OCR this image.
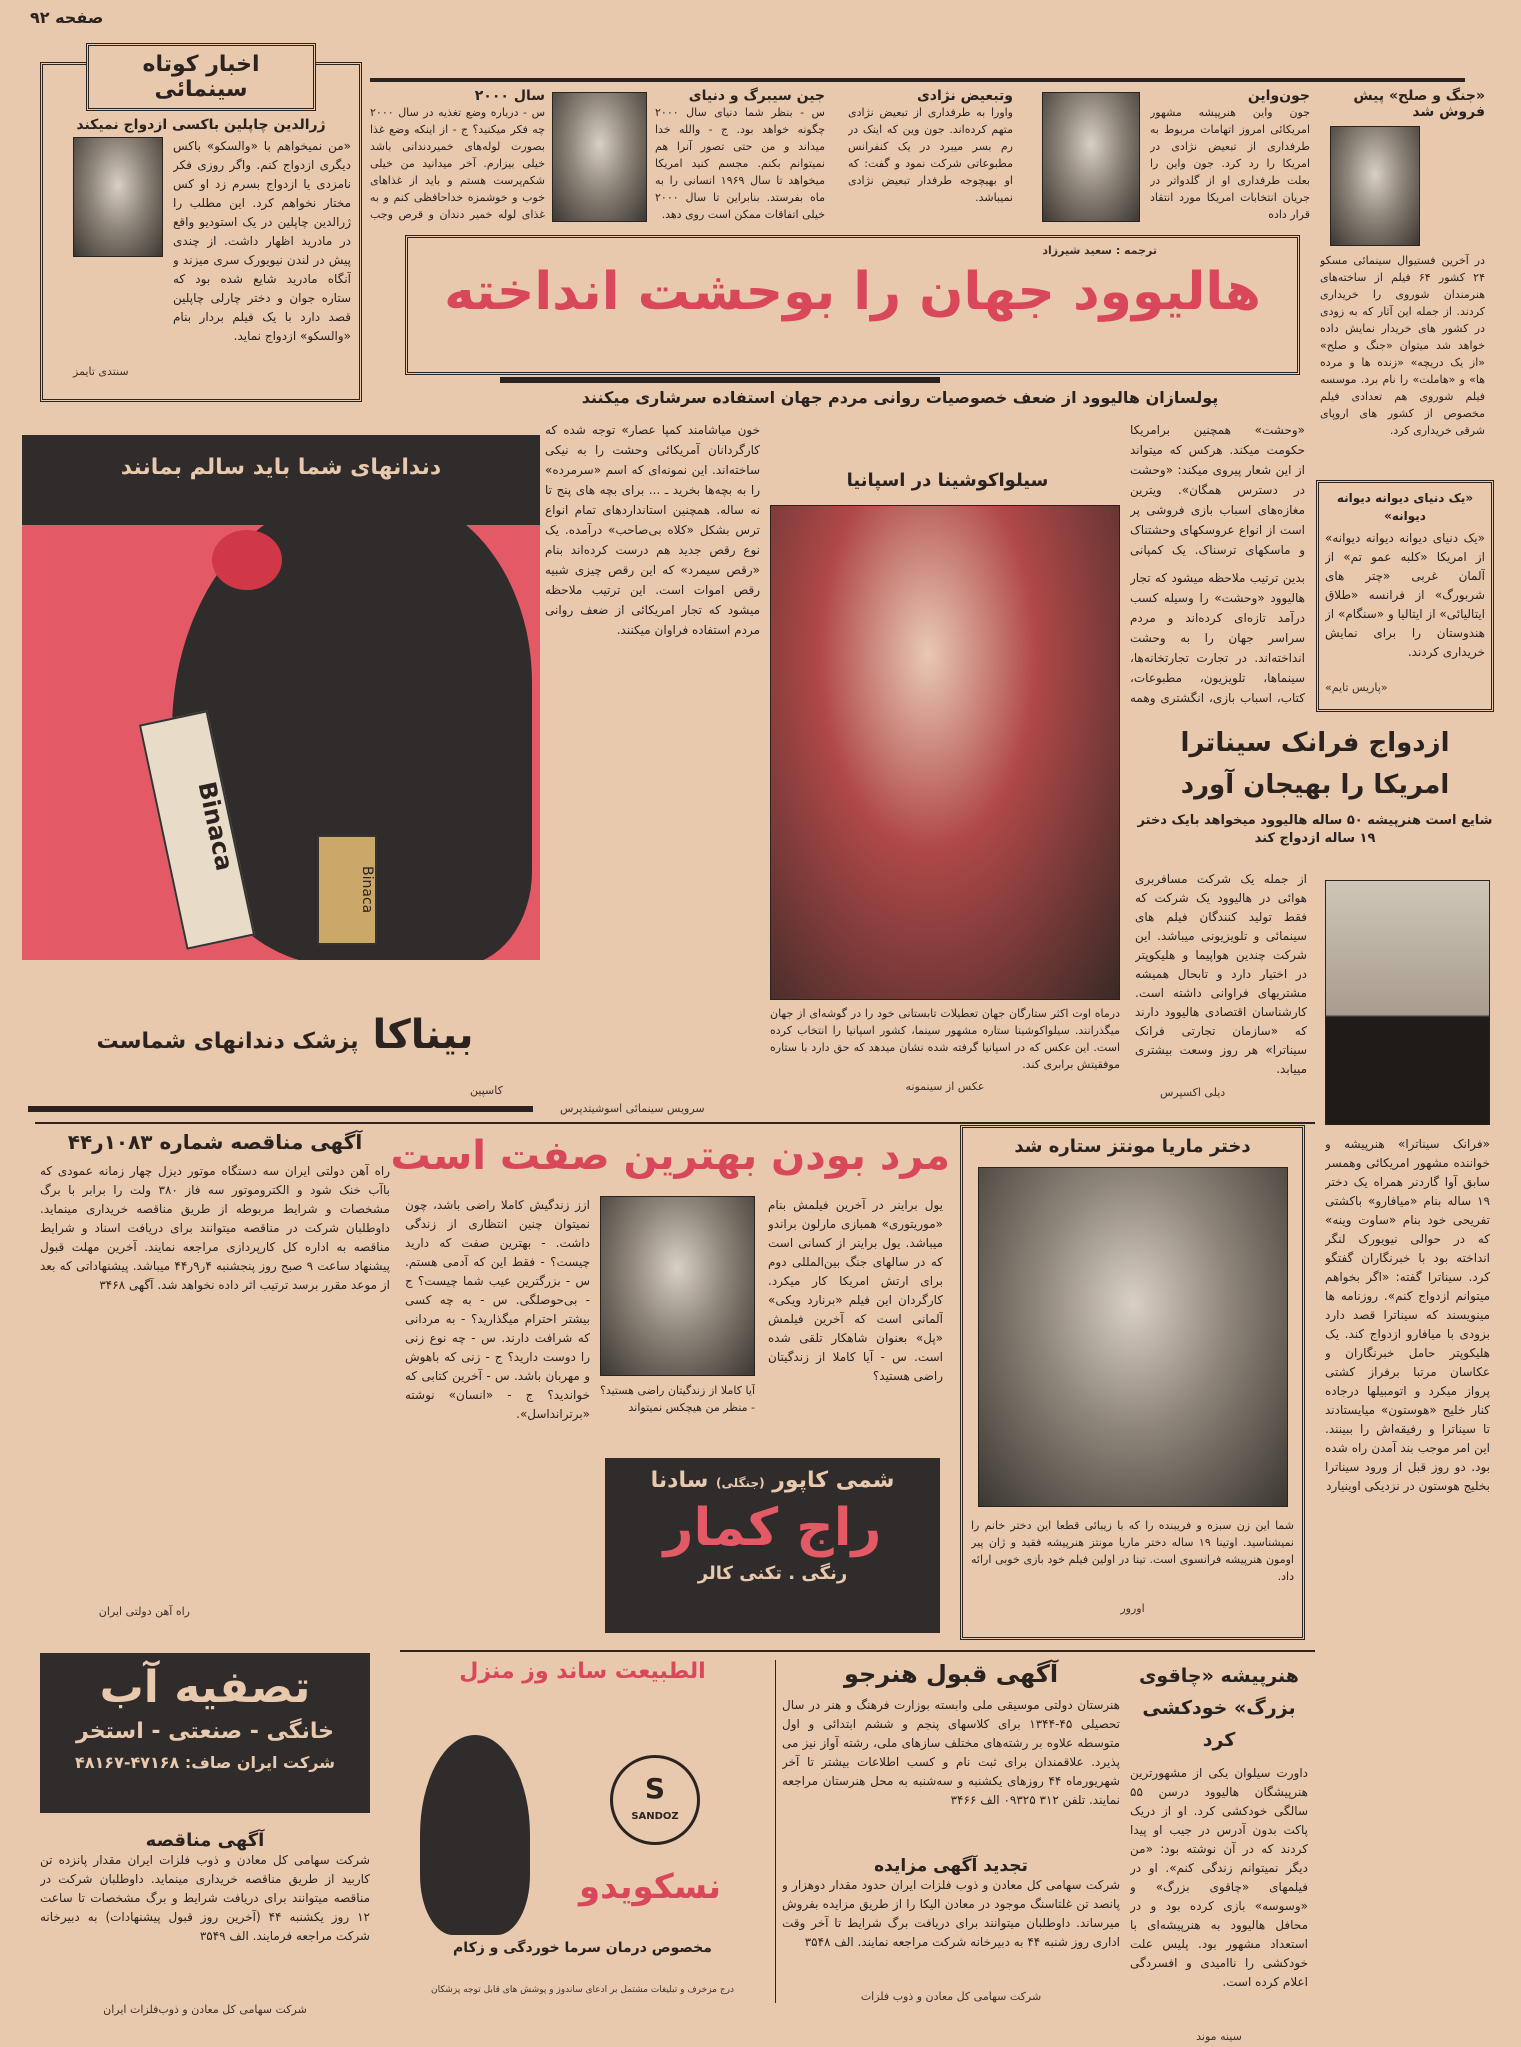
صفحه ۹۲
اخبار کوتاه سینمائی
ژرالدین چاپلین باکسی ازدواج نمیکند
«من نمیخواهم با «والسکو» باکس دیگری ازدواج کنم. واگر روزی فکر نامزدی یا ازدواج بسرم زد او کس مختار نخواهم کرد. این مطلب را ژرالدین چاپلین در یک استودیو واقع در مادرید اظهار داشت. از چندی پیش در لندن نیویورک سری میزند و آنگاه مادرید شایع شده بود که ستاره جوان و دختر چارلی چاپلین قصد دارد با یک فیلم بردار بنام «والسکو» ازدواج نماید.
سنتدی تایمز
سال ۲۰۰۰
س - درباره وضع تغذیه در سال ۲۰۰۰ چه فکر میکنید؟ ج - از اینکه وضع غذا بصورت لوله‌های خمیردندانی باشد خیلی بیزارم. آخر میدانید من خیلی شکم‌پرست هستم و باید از غذاهای خوب و خوشمزه خداحافظی کنم و به غذای لوله خمیر دندان و قرص وجب
جین سیبرگ و دنیای
س - بنظر شما دنیای سال ۲۰۰۰ چگونه خواهد بود. ج - والله خدا میداند و من حتی تصور آنرا هم نمیتوانم بکنم. مجسم کنید امریکا میخواهد تا سال ۱۹۶۹ انسانی را به ماه بفرستد. بنابراین تا سال ۲۰۰۰ خیلی اتفاقات ممکن است روی دهد.
وتبعیض نژادی
واورا به طرفداری از تبعیض نژادی متهم کرده‌اند. جون وین که اینک در رم بسر میبرد در یک کنفرانس مطبوعاتی شرکت نمود و گفت: که او بهیچوجه طرفدار تبعیض نژادی نمیباشد.
جون‌واین
جون واین هنرپیشه مشهور امریکائی امروز اتهامات مربوط به طرفداری از تبعیض نژادی در امریکا را رد کرد. جون واین را بعلت طرفداری او از گلدواتر در جریان انتخابات امریکا مورد انتقاد قرار داده
«جنگ و صلح» پیش فروش شد
در آخرین فستیوال سینمائی مسکو ۲۴ کشور ۶۴ فیلم از ساخته‌های هنرمندان شوروی را خریداری کردند. از جمله این آثار که به زودی در کشور های خریدار نمایش داده خواهد شد میتوان «جنگ و صلح» «از یک دریچه» «زنده ها و مرده ها» و «هاملت» را نام برد. موسسه فیلم شوروی هم تعدادی فیلم مخصوص از کشور های اروپای شرقی خریداری کرد.
ترجمه : سعید شیرزاد
هالیوود جهان را بوحشت انداخته
پولسازان هالیوود از ضعف خصوصیات روانی مردم جهان استفاده سرشاری میکنند
دندانهای شما باید سالم بمانند
Binaca
Binaca
بیناکا پزشک دندانهای شماست
کاسپین
خون میاشامند کمپا عصار» توجه شده که کارگردانان آمریکائی وحشت را به نیکی ساخته‌اند. این نمونه‌ای که اسم «سرمرده» را به بچه‌ها بخرید ـ ... برای بچه های پنج تا نه ساله. همچنین استانداردهای تمام انواع ترس بشکل «کلاه بی‌صاحب» درآمده. یک نوع رقص جدید هم درست کرده‌اند بنام «رقص سیمرد» که این رقص چیزی شبیه رقص اموات است. این ترتیب ملاحظه میشود که تجار امریکائی از ضعف روانی مردم استفاده فراوان میکنند.
سیلواکوشینا در اسپانیا
درماه اوت اکثر ستارگان جهان تعطیلات تابستانی خود را در گوشه‌ای از جهان میگذرانند. سیلواکوشینا ستاره مشهور سینما، کشور اسپانیا را انتخاب کرده است. این عکس که در اسپانیا گرفته شده نشان میدهد که حق دارد با ستاره موفقیتش برابری کند.
عکس از سینمونه
سرویس سینمائی اسوشیتدپرس
«وحشت» همچنین برامریکا حکومت میکند. هرکس که میتواند از این شعار پیروی میکند: «وحشت در دسترس همگان». ویترین مغازه‌های اسباب بازی فروشی پر است از انواع عروسکهای وحشتناک و ماسکهای ترسناک. یک کمپانی
بدین ترتیب ملاحظه میشود که تجار هالیوود «وحشت» را وسیله کسب درآمد تازه‌ای کرده‌اند و مردم سراسر جهان را به وحشت انداخته‌اند. در تجارت تجارتخانه‌ها، سینماها، تلویزیون، مطبوعات، کتاب، اسباب بازی، انگشتری وهمه
«یک دنیای دیوانه دیوانه دیوانه»
«یک دنیای دیوانه دیوانه دیوانه» از امریکا «کلبه عمو تم» از آلمان غربی «چتر های شربورگ» از فرانسه «طلاق ایتالیائی» از ایتالیا و «سنگام» از هندوستان را برای نمایش خریداری کردند.
«پاریس تایم»
ازدواج فرانک سیناترا
امریکا را بهیجان آورد
شایع است هنرپیشه ۵۰ ساله هالیوود میخواهد بایک دختر ۱۹ ساله ازدواج کند
از جمله یک شرکت مسافربری هوائی در هالیوود یک شرکت که فقط تولید کنندگان فیلم های سینمائی و تلویزیونی میباشد. این شرکت چندین هواپیما و هلیکوپتر در اختیار دارد و تابحال همیشه مشتریهای فراوانی داشته است. کارشناسان اقتصادی هالیوود دارند که «سازمان تجارتی فرانک سیناترا» هر روز وسعت بیشتری مییابد.
دیلی اکسپرس
«فرانک سیناترا» هنرپیشه و خواننده مشهور امریکائی وهمسر سابق آوا گاردنر همراه یک دختر ۱۹ ساله بنام «میافارو» باکشتی تفریحی خود بنام «ساوت وینه» که در حوالی نیویورک لنگر انداخته بود با خبرنگاران گفتگو کرد. سیناترا گفته: «اگر بخواهم میتوانم ازدواج کنم». روزنامه ها مینویسند که سیناترا قصد دارد بزودی با میافارو ازدواج کند. یک هلیکوپتر حامل خبرنگاران و عکاسان مرتبا برفراز کشتی پرواز میکرد و اتومبیلها درجاده کنار خلیج «هوستون» میایستادند تا سیناترا و رفیقه‌اش را ببینند. این امر موجب بند آمدن راه شده بود. دو روز قبل از ورود سیناترا بخلیج هوستون در نزدیکی اوینیارد
آگهی مناقصه شماره ۱۰۸۳ر۴۴
راه آهن دولتی ایران سه دستگاه موتور دیزل چهار زمانه عمودی که باآب خنک شود و الکتروموتور سه فاز ۳۸۰ ولت را برابر با برگ مشخصات و شرایط مربوطه از طریق مناقصه خریداری مینماید. داوطلبان شرکت در مناقصه میتوانند برای دریافت اسناد و شرایط مناقصه به اداره کل کارپردازی مراجعه نمایند. آخرین مهلت قبول پیشنهاد ساعت ۹ صبح روز پنجشنبه ۴ر۹ر۴۴ میباشد. پیشنهاداتی که بعد از موعد مقرر برسد ترتیب اثر داده نخواهد شد. آگهی ۳۴۶۸
راه آهن دولتی ایران
مرد بودن بهترین صفت است
ازز زندگیش کاملا راضی باشد، چون نمیتوان چنین انتظاری از زندگی داشت. - بهترین صفت که دارید چیست؟ - فقط این که آدمی هستم. س - بزرگترین عیب شما چیست؟ ج - بی‌حوصلگی. س - به چه کسی بیشتر احترام میگذارید؟ - به مردانی که شرافت دارند. س - چه نوع زنی را دوست دارید؟ ج - زنی که باهوش و مهربان باشد. س - آخرین کتابی که خواندید؟ ج - «انسان» نوشته «برترانداسل».
آیا کاملا از زندگیتان راضی هستید؟ - منظر من هیچکس نمیتواند
یول براینر در آخرین فیلمش بنام «موریتوری» همبازی مارلون براندو میباشد. یول براینر از کسانی است که در سالهای جنگ بین‌المللی دوم برای ارتش امریکا کار میکرد. کارگردان این فیلم «برنارد ویکی» آلمانی است که آخرین فیلمش «پل» بعنوان شاهکار تلقی شده است. س - آیا کاملا از زندگیتان راضی هستید؟
شمی کاپور (جنگلی) سادنا
راج کمار
رنگی . تکنی کالر
دختر ماریا مونتز ستاره شد
شما این زن سبزه و فریبنده را که با زیبائی قطعا این دختر خانم را نمیشناسید. اوتینا ۱۹ ساله دختر ماریا مونتز هنرپیشه فقید و ژان پیر اومون هنرپیشه فرانسوی است. تینا در اولین فیلم خود بازی خوبی ارائه داد.
اورور
تصفیه آب
خانگی - صنعتی - استخر
شرکت ایران صاف: ۴۷۱۶۸-۴۸۱۶۷
آگهی مناقصه
شرکت سهامی کل معادن و ذوب فلزات ایران مقدار پانزده تن کاربید از طریق مناقصه خریداری مینماید. داوطلبان شرکت در مناقصه میتوانند برای دریافت شرایط و برگ مشخصات تا ساعت ۱۲ روز یکشنبه ۴۴ (آخرین روز قبول پیشنهادات) به دبیرخانه شرکت مراجعه فرمایند. الف ۳۵۴۹
شرکت سهامی کل معادن و ذوب‌فلزات ایران
الطبیعت ساند وز منزل
S
SANDOZ
نسکویدو
مخصوص درمان سرما خوردگی و زکام
درج مزخرف و تبلیغات مشتمل بر ادعای ساندوز و پوشش های قابل توجه پزشکان
آگهی قبول هنرجو
هنرستان دولتی موسیقی ملی وابسته بوزارت فرهنگ و هنر در سال تحصیلی ۴۵-۱۳۴۴ برای کلاسهای پنجم و ششم ابتدائی و اول متوسطه علاوه بر رشته‌های مختلف سازهای ملی، رشته آواز نیز می پذیرد. علاقمندان برای ثبت نام و کسب اطلاعات بیشتر تا آخر شهریورماه ۴۴ روزهای یکشنبه و سه‌شنبه به محل هنرستان مراجعه نمایند. تلفن ۳۱۲ ۰۹۳۲۵ الف ۳۴۶۶
تجدید آگهی مزایده
شرکت سهامی کل معادن و ذوب فلزات ایران حدود مقدار دوهزار و پانصد تن غلتاسنگ موجود در معادن الیکا را از طریق مزایده بفروش میرساند. داوطلبان میتوانند برای دریافت برگ شرایط تا آخر وقت اداری روز شنبه ۴۴ به دبیرخانه شرکت مراجعه نمایند. الف ۳۵۴۸
شرکت سهامی کل معادن و ذوب فلزات
هنرپیشه «چاقوی بزرگ» خودکشی کرد
داورت سیلوان یکی از مشهورترین هنرپیشگان هالیوود درسن ۵۵ سالگی خودکشی کرد. او از دریک پاکت بدون آدرس در جیب او پیدا کردند که در آن نوشته بود: «من دیگر نمیتوانم زندگی کنم». او در فیلمهای «چاقوی بزرگ» و «وسوسه» بازی کرده بود و در محافل هالیوود به هنرپیشه‌ای با استعداد مشهور بود. پلیس علت خودکشی را ناامیدی و افسردگی اعلام کرده است.
سینه موند
